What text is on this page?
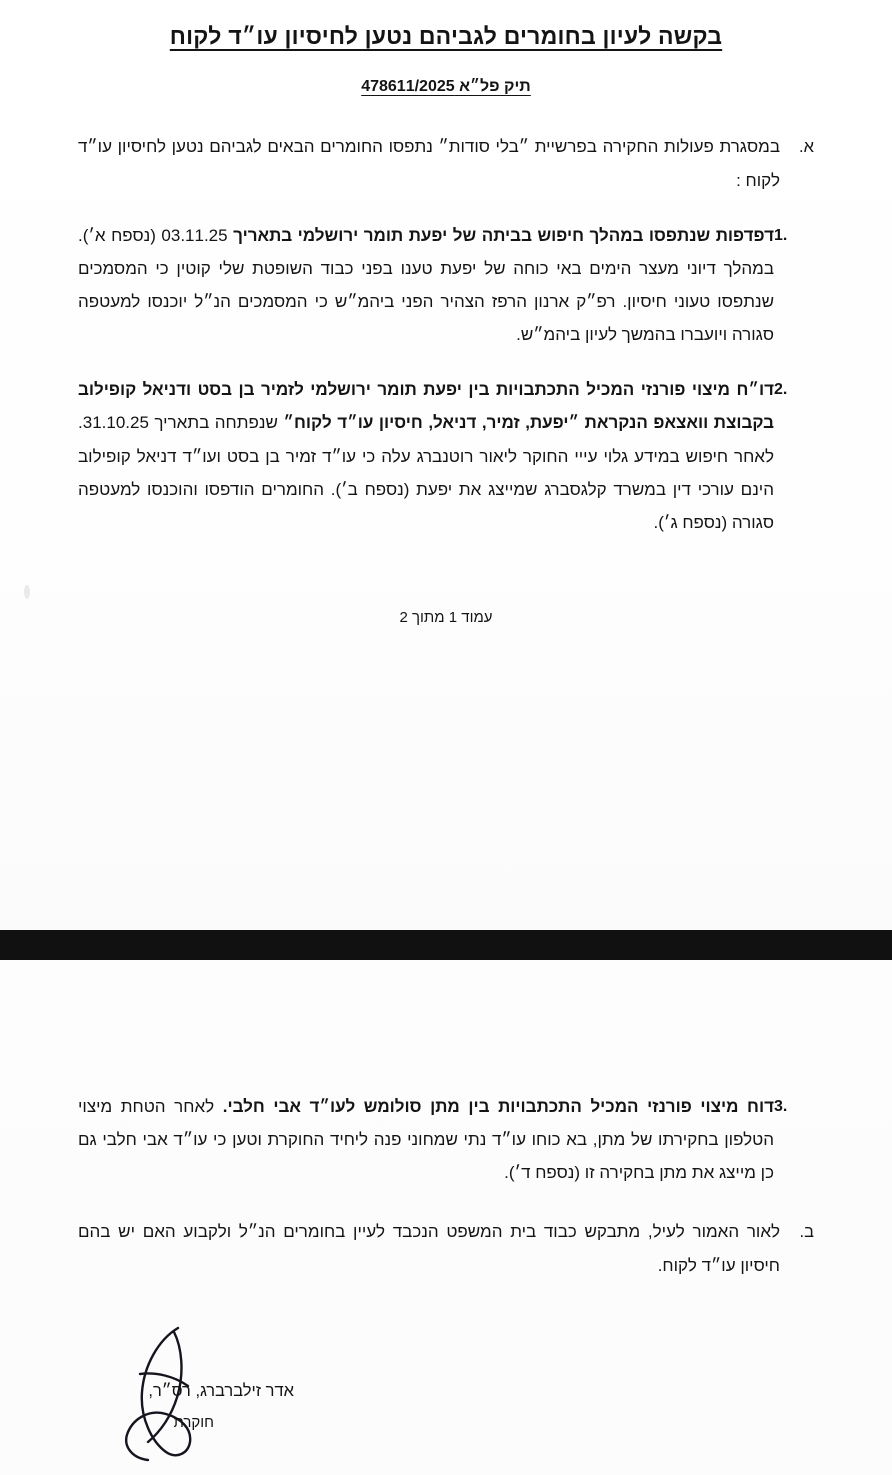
בקשה לעיון בחומרים לגביהם נטען לחיסיון עו״ד לקוח
תיק פל״א 478611/2025
א.
במסגרת פעולות החקירה בפרשיית ״בלי סודות״ נתפסו החומרים הבאים לגביהם נטען לחיסיון עו״ד לקוח :
1.
דפדפות שנתפסו במהלך חיפוש בביתה של יפעת תומר ירושלמי בתאריך 03.11.25 (נספח א׳). במהלך דיוני מעצר הימים באי כוחה של יפעת טענו בפני כבוד השופטת שלי קוטין כי המסמכים שנתפסו טעוני חיסיון. רפ״ק ארנון הרפז הצהיר הפני ביהמ״ש כי המסמכים הנ״ל יוכנסו למעטפה סגורה ויועברו בהמשך לעיון ביהמ״ש.
2.
דו״ח מיצוי פורנזי המכיל התכתבויות בין יפעת תומר ירושלמי לזמיר בן בסט ודניאל קופילוב בקבוצת וואצאפ הנקראת ״יפעת, זמיר, דניאל, חיסיון עו״ד לקוח״ שנפתחה בתאריך 31.10.25. לאחר חיפוש במידע גלוי עייי החוקר ליאור רוטנברג עלה כי עו״ד זמיר בן בסט ועו״ד דניאל קופילוב הינם עורכי דין במשרד קלגסברג שמייצג את יפעת (נספח ב׳). החומרים הודפסו והוכנסו למעטפה סגורה (נספח ג׳).
עמוד 1 מתוך 2
3.
דוח מיצוי פורנזי המכיל התכתבויות בין מתן סולומש לעו״ד אבי חלבי. לאחר הטחת מיצוי הטלפון בחקירתו של מתן, בא כוחו עו״ד נתי שמחוני פנה ליחיד החוקרת וטען כי עו״ד אבי חלבי גם כן מייצג את מתן בחקירה זו (נספח ד׳).
ב.
לאור האמור לעיל, מתבקש כבוד בית המשפט הנכבד לעיין בחומרים הנ״ל ולקבוע האם יש בהם חיסיון עו״ד לקוח.
אדר זילברברג, רס״ר,
חוקרת
